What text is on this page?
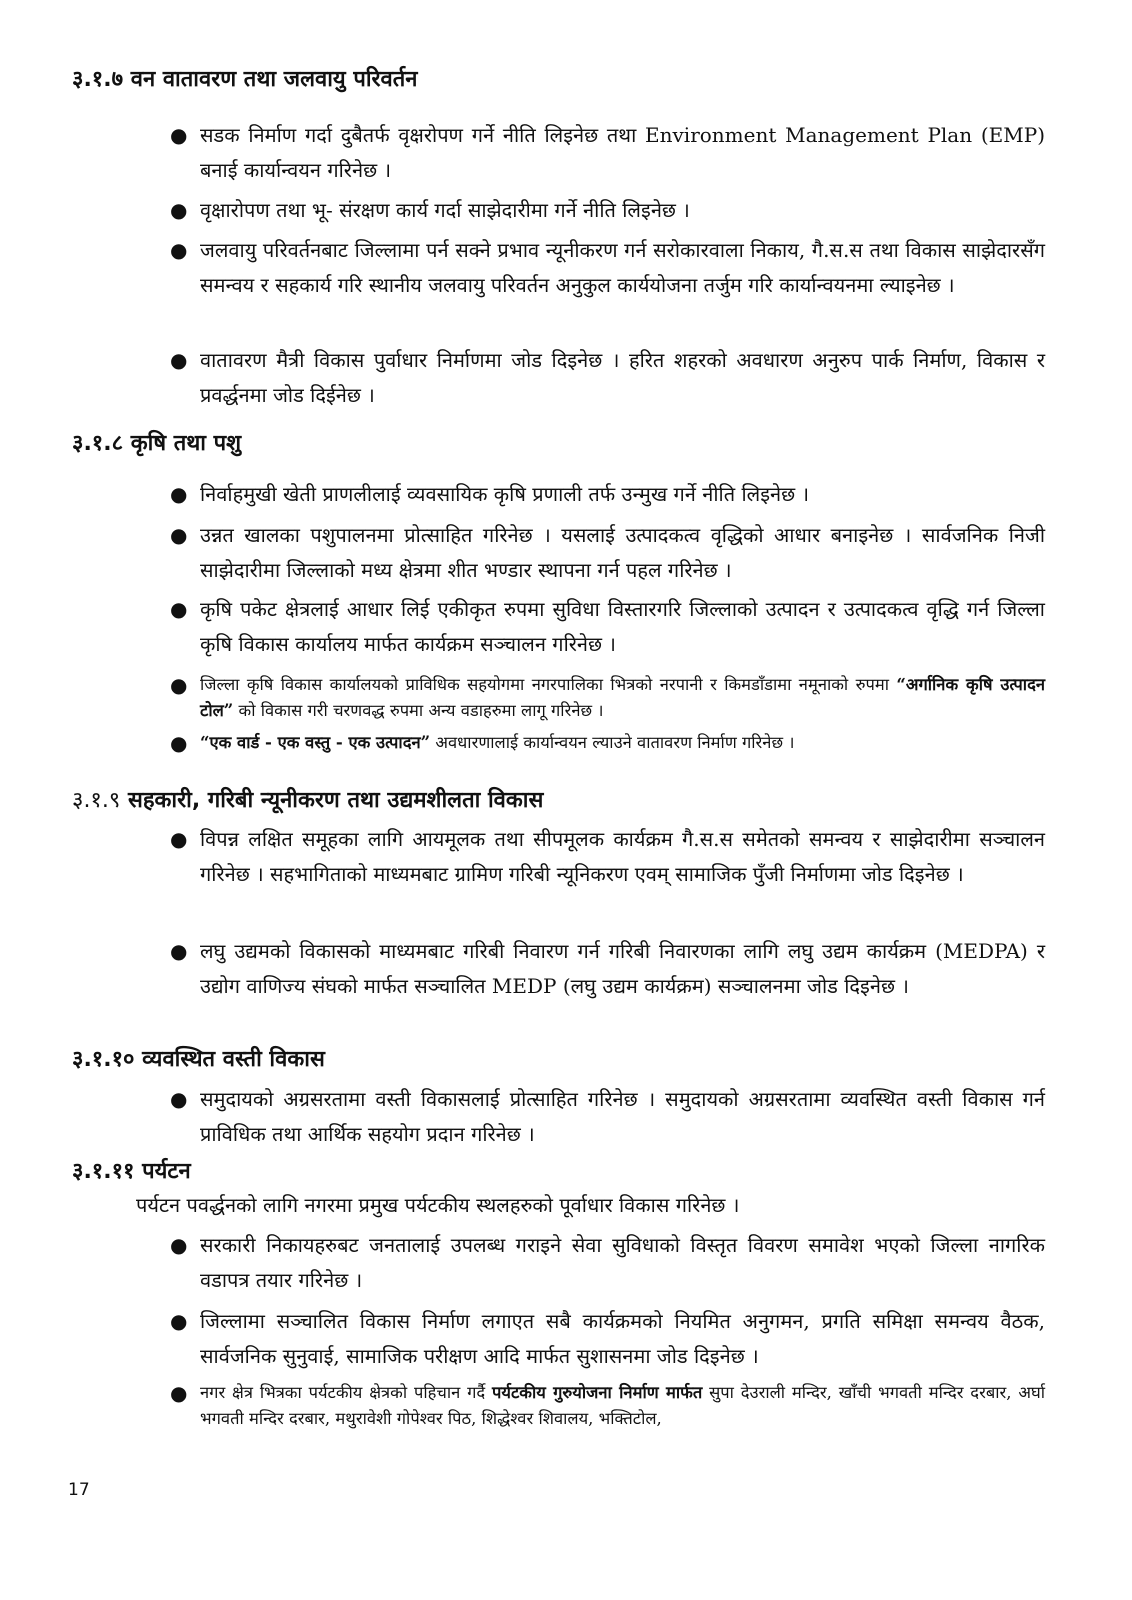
३.१.७ वन वातावरण तथा जलवायु परिवर्तन
● सडक निर्माण गर्दा दुबैतर्फ वृक्षरोपण गर्ने नीति लिइनेछ तथा Environment Management Plan (EMP) बनाई कार्यान्वयन गरिनेछ ।
● वृक्षारोपण तथा भू- संरक्षण कार्य गर्दा साझेदारीमा गर्ने नीति लिइनेछ ।
● जलवायु परिवर्तनबाट जिल्लामा पर्न सक्ने प्रभाव न्यूनीकरण गर्न सरोकारवाला निकाय, गै.स.स तथा विकास साझेदारसँग समन्वय र सहकार्य गरि स्थानीय जलवायु परिवर्तन अनुकुल कार्ययोजना तर्जुम गरि कार्यान्वयनमा ल्याइनेछ ।
● वातावरण मैत्री विकास पुर्वाधार निर्माणमा जोड दिइनेछ । हरित शहरको अवधारण अनुरुप पार्क निर्माण, विकास र प्रवर्द्धनमा जोड दिईनेछ ।
३.१.८ कृषि तथा पशु
● निर्वाहमुखी खेती प्राणलीलाई व्यवसायिक कृषि प्रणाली तर्फ उन्मुख गर्ने नीति लिइनेछ ।
● उन्नत खालका पशुपालनमा प्रोत्साहित गरिनेछ । यसलाई उत्पादकत्व वृद्धिको आधार बनाइनेछ । सार्वजनिक निजी साझेदारीमा जिल्लाको मध्य क्षेत्रमा शीत भण्डार स्थापना गर्न पहल गरिनेछ ।
● कृषि पकेट क्षेत्रलाई आधार लिई एकीकृत रुपमा सुविधा विस्तारगरि जिल्लाको उत्पादन र उत्पादकत्व वृद्धि गर्न जिल्ला कृषि विकास कार्यालय मार्फत कार्यक्रम सञ्चालन गरिनेछ ।
● जिल्ला कृषि विकास कार्यालयको प्राविधिक सहयोगमा नगरपालिका भित्रको नरपानी र किमडाँडामा नमूनाको रुपमा “अर्गानिक कृषि उत्पादन टोल” को विकास गरी चरणवद्ध रुपमा अन्य वडाहरुमा लागू गरिनेछ ।
● “एक वार्ड - एक वस्तु - एक उत्पादन” अवधारणालाई कार्यान्वयन ल्याउने वातावरण निर्माण गरिनेछ ।
३.१.९ सहकारी, गरिबी न्यूनीकरण तथा उद्यमशीलता विकास
● विपन्न लक्षित समूहका लागि आयमूलक तथा सीपमूलक कार्यक्रम गै.स.स समेतको समन्वय र साझेदारीमा सञ्चालन गरिनेछ । सहभागिताको माध्यमबाट ग्रामिण गरिबी न्यूनिकरण एवम् सामाजिक पुँजी निर्माणमा जोड दिइनेछ ।
● लघु उद्यमको विकासको माध्यमबाट गरिबी निवारण गर्न गरिबी निवारणका लागि लघु उद्यम कार्यक्रम (MEDPA) र उद्योग वाणिज्य संघको मार्फत सञ्चालित MEDP (लघु उद्यम कार्यक्रम) सञ्चालनमा जोड दिइनेछ ।
३.१.१० व्यवस्थित वस्ती विकास
● समुदायको अग्रसरतामा वस्ती विकासलाई प्रोत्साहित गरिनेछ । समुदायको अग्रसरतामा व्यवस्थित वस्ती विकास गर्न प्राविधिक तथा आर्थिक सहयोग प्रदान गरिनेछ ।
३.१.११ पर्यटन
पर्यटन पवर्द्धनको लागि नगरमा प्रमुख पर्यटकीय स्थलहरुको पूर्वाधार विकास गरिनेछ ।
● सरकारी निकायहरुबट जनतालाई उपलब्ध गराइने सेवा सुविधाको विस्तृत विवरण समावेश भएको जिल्ला नागरिक वडापत्र तयार गरिनेछ ।
● जिल्लामा सञ्चालित विकास निर्माण लगाएत सबै कार्यक्रमको नियमित अनुगमन, प्रगति समिक्षा समन्वय वैठक, सार्वजनिक सुनुवाई, सामाजिक परीक्षण आदि मार्फत सुशासनमा जोड दिइनेछ ।
● नगर क्षेत्र भित्रका पर्यटकीय क्षेत्रको पहिचान गर्दै पर्यटकीय गुरुयोजना निर्माण मार्फत सुपा देउराली मन्दिर, खाँची भगवती मन्दिर दरबार, अर्घा भगवती मन्दिर दरबार, मथुरावेशी गोपेश्वर पिठ, शिद्धेश्वर शिवालय, भक्तिटोल,
17
